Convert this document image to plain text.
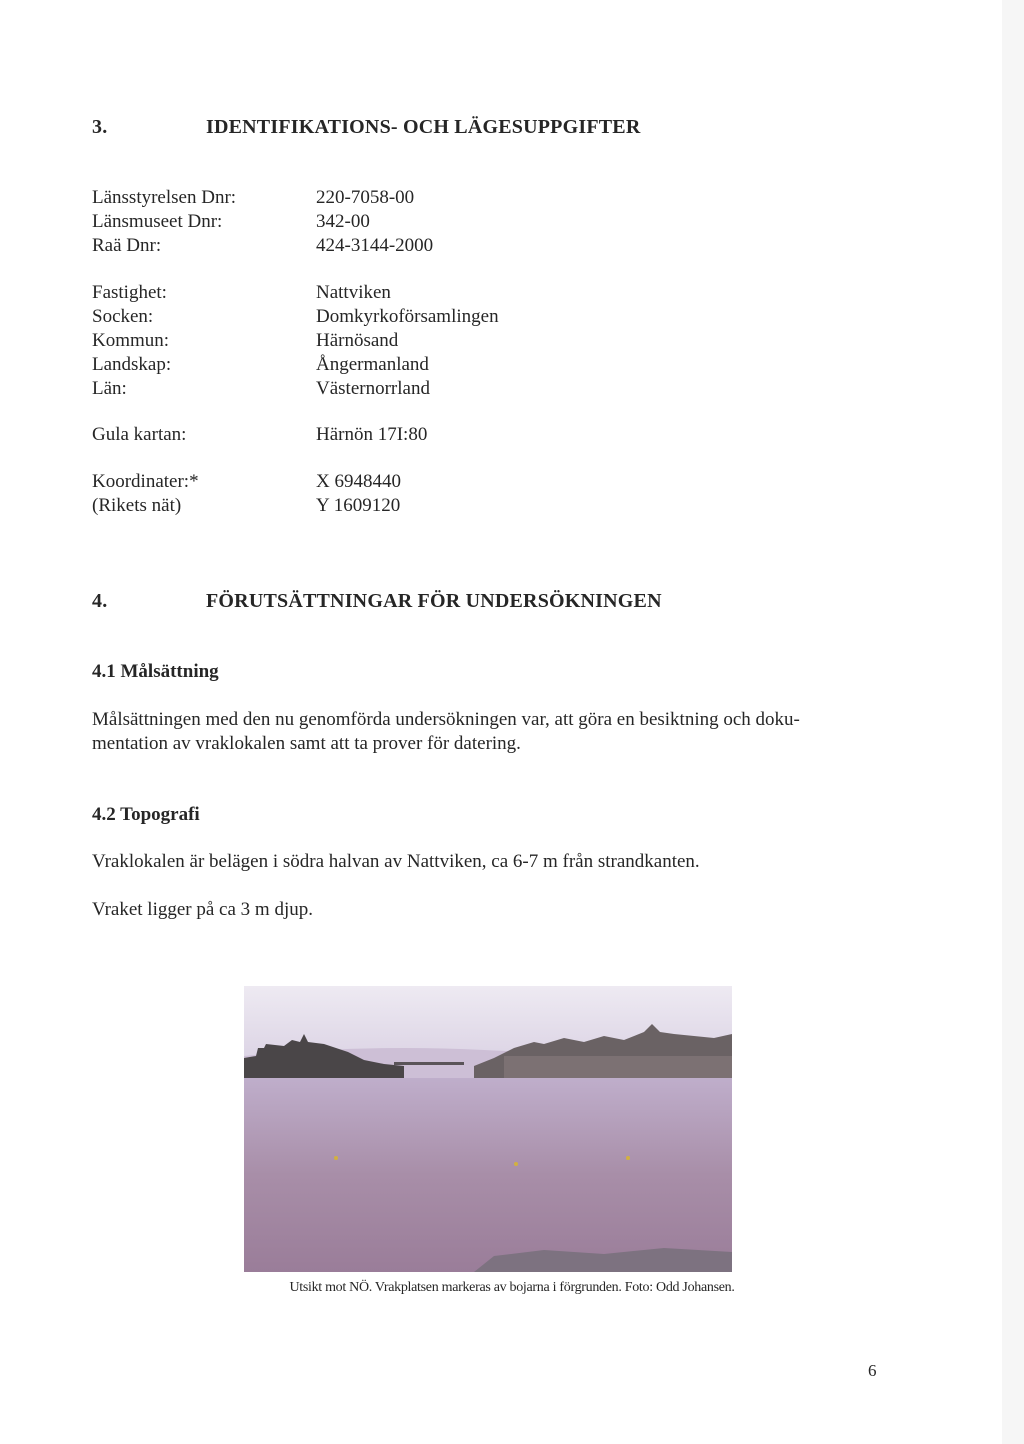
3.	IDENTIFIKATIONS- OCH LÄGESUPPGIFTER
Länsstyrelsen Dnr:	220-7058-00
Länsmuseet Dnr:	342-00
Raä Dnr:	424-3144-2000
Fastighet:	Nattviken
Socken:	Domkyrkoförsamlingen
Kommun:	Härnösand
Landskap:	Ångermanland
Län:	Västernorrland
Gula kartan:	Härnön 17I:80
Koordinater:*	X 6948440
(Rikets nät)	Y 1609120
4.	FÖRUTSÄTTNINGAR FÖR UNDERSÖKNINGEN
4.1 Målsättning
Målsättningen med den nu genomförda undersökningen var, att göra en besiktning och doku-
mentation av vraklokalen samt att ta prover för datering.
4.2 Topografi
Vraklokalen är belägen i södra halvan av Nattviken, ca 6-7 m från strandkanten.
Vraket ligger på ca 3 m djup.
Utsikt mot NÖ. Vrakplatsen markeras av bojarna i förgrunden. Foto: Odd Johansen.
6
